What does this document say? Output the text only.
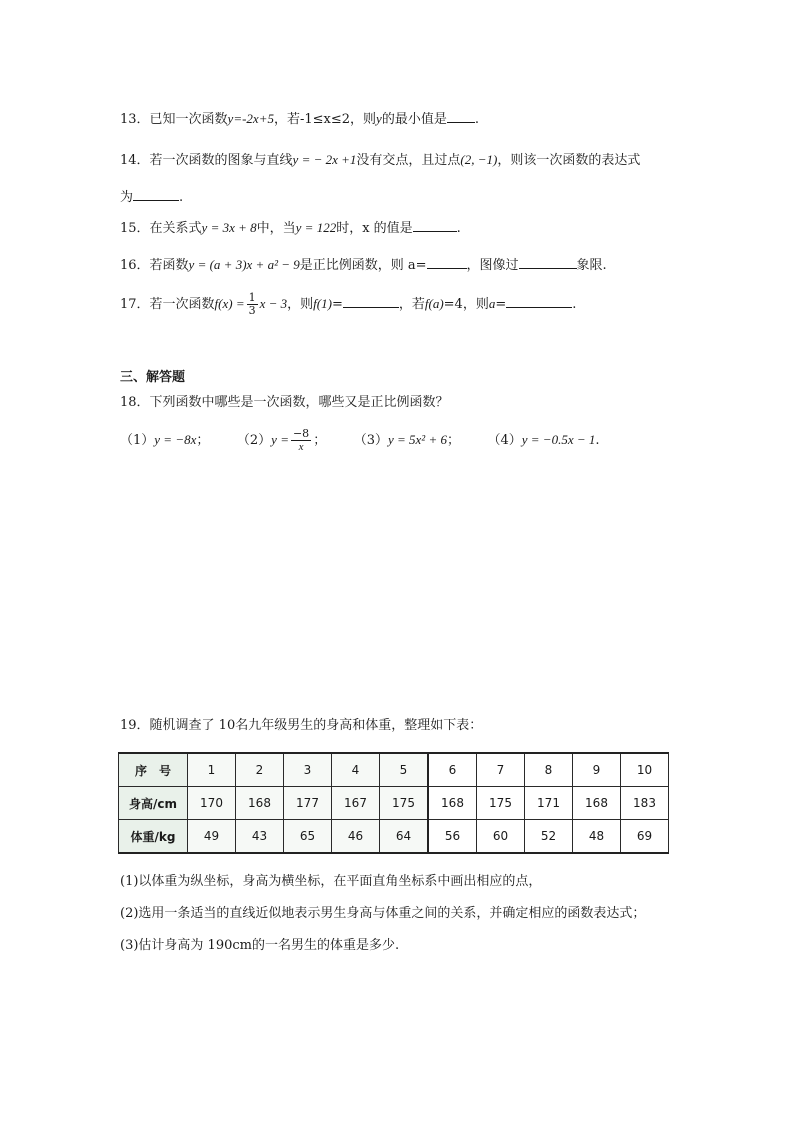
13．已知一次函数y=-2x+5，若-1≤x≤2，则y的最小值是 .
14．若一次函数的图象与直线y = − 2x +1没有交点，且过点(2, −1)，则该一次函数的表达式
为	.
15．在关系式y = 3x + 8中，当y = 122时，x 的值是	.
16．若函数y = (a + 3)x + a² − 9是正比例函数，则 a=	，图像过	象限.
17．若一次函数$f(x) = \frac{1}{3}$ x − 3，则f(1)=	，若f(a)=4，则a=	.
三、解答题
18．下列函数中哪些是一次函数，哪些又是正比例函数？
（1）y = −8x；	$(2)y = \frac{-8}{x}$ ；	（3）y = 5x² + 6；	（4）y = −0.5x − 1.
19．随机调查了 10名九年级男生的身高和体重，整理如下表：
序　号	1	2	3	4	5	6	7	8	9	10
身高/cm	170	168	177	167	175	168	175	171	168	183
体重/kg	49	43	65	46	64	56	60	52	48	69
(1)以体重为纵坐标，身高为横坐标，在平面直角坐标系中画出相应的点，
(2)选用一条适当的直线近似地表示男生身高与体重之间的关系，并确定相应的函数表达式；
(3)估计身高为 190cm的一名男生的体重是多少.
